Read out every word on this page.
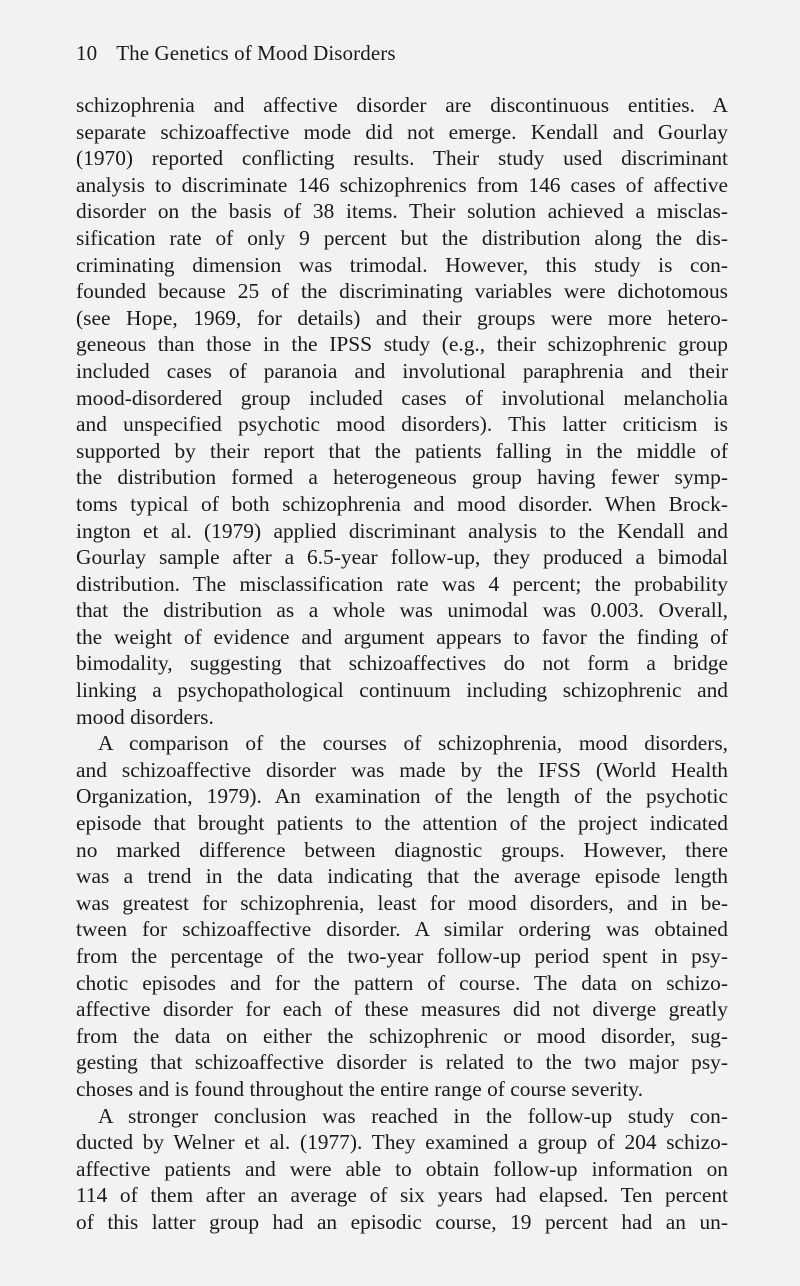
10 The Genetics of Mood Disorders
schizophrenia and affective disorder are discontinuous entities. A
separate schizoaffective mode did not emerge. Kendall and Gourlay
(1970) reported conflicting results. Their study used discriminant
analysis to discriminate 146 schizophrenics from 146 cases of affective
disorder on the basis of 38 items. Their solution achieved a misclas-
sification rate of only 9 percent but the distribution along the dis-
criminating dimension was trimodal. However, this study is con-
founded because 25 of the discriminating variables were dichotomous
(see Hope, 1969, for details) and their groups were more hetero-
geneous than those in the IPSS study (e.g., their schizophrenic group
included cases of paranoia and involutional paraphrenia and their
mood-disordered group included cases of involutional melancholia
and unspecified psychotic mood disorders). This latter criticism is
supported by their report that the patients falling in the middle of
the distribution formed a heterogeneous group having fewer symp-
toms typical of both schizophrenia and mood disorder. When Brock-
ington et al. (1979) applied discriminant analysis to the Kendall and
Gourlay sample after a 6.5-year follow-up, they produced a bimodal
distribution. The misclassification rate was 4 percent; the probability
that the distribution as a whole was unimodal was 0.003. Overall,
the weight of evidence and argument appears to favor the finding of
bimodality, suggesting that schizoaffectives do not form a bridge
linking a psychopathological continuum including schizophrenic and
mood disorders.
A comparison of the courses of schizophrenia, mood disorders,
and schizoaffective disorder was made by the IFSS (World Health
Organization, 1979). An examination of the length of the psychotic
episode that brought patients to the attention of the project indicated
no marked difference between diagnostic groups. However, there
was a trend in the data indicating that the average episode length
was greatest for schizophrenia, least for mood disorders, and in be-
tween for schizoaffective disorder. A similar ordering was obtained
from the percentage of the two-year follow-up period spent in psy-
chotic episodes and for the pattern of course. The data on schizo-
affective disorder for each of these measures did not diverge greatly
from the data on either the schizophrenic or mood disorder, sug-
gesting that schizoaffective disorder is related to the two major psy-
choses and is found throughout the entire range of course severity.
A stronger conclusion was reached in the follow-up study con-
ducted by Welner et al. (1977). They examined a group of 204 schizo-
affective patients and were able to obtain follow-up information on
114 of them after an average of six years had elapsed. Ten percent
of this latter group had an episodic course, 19 percent had an un-
